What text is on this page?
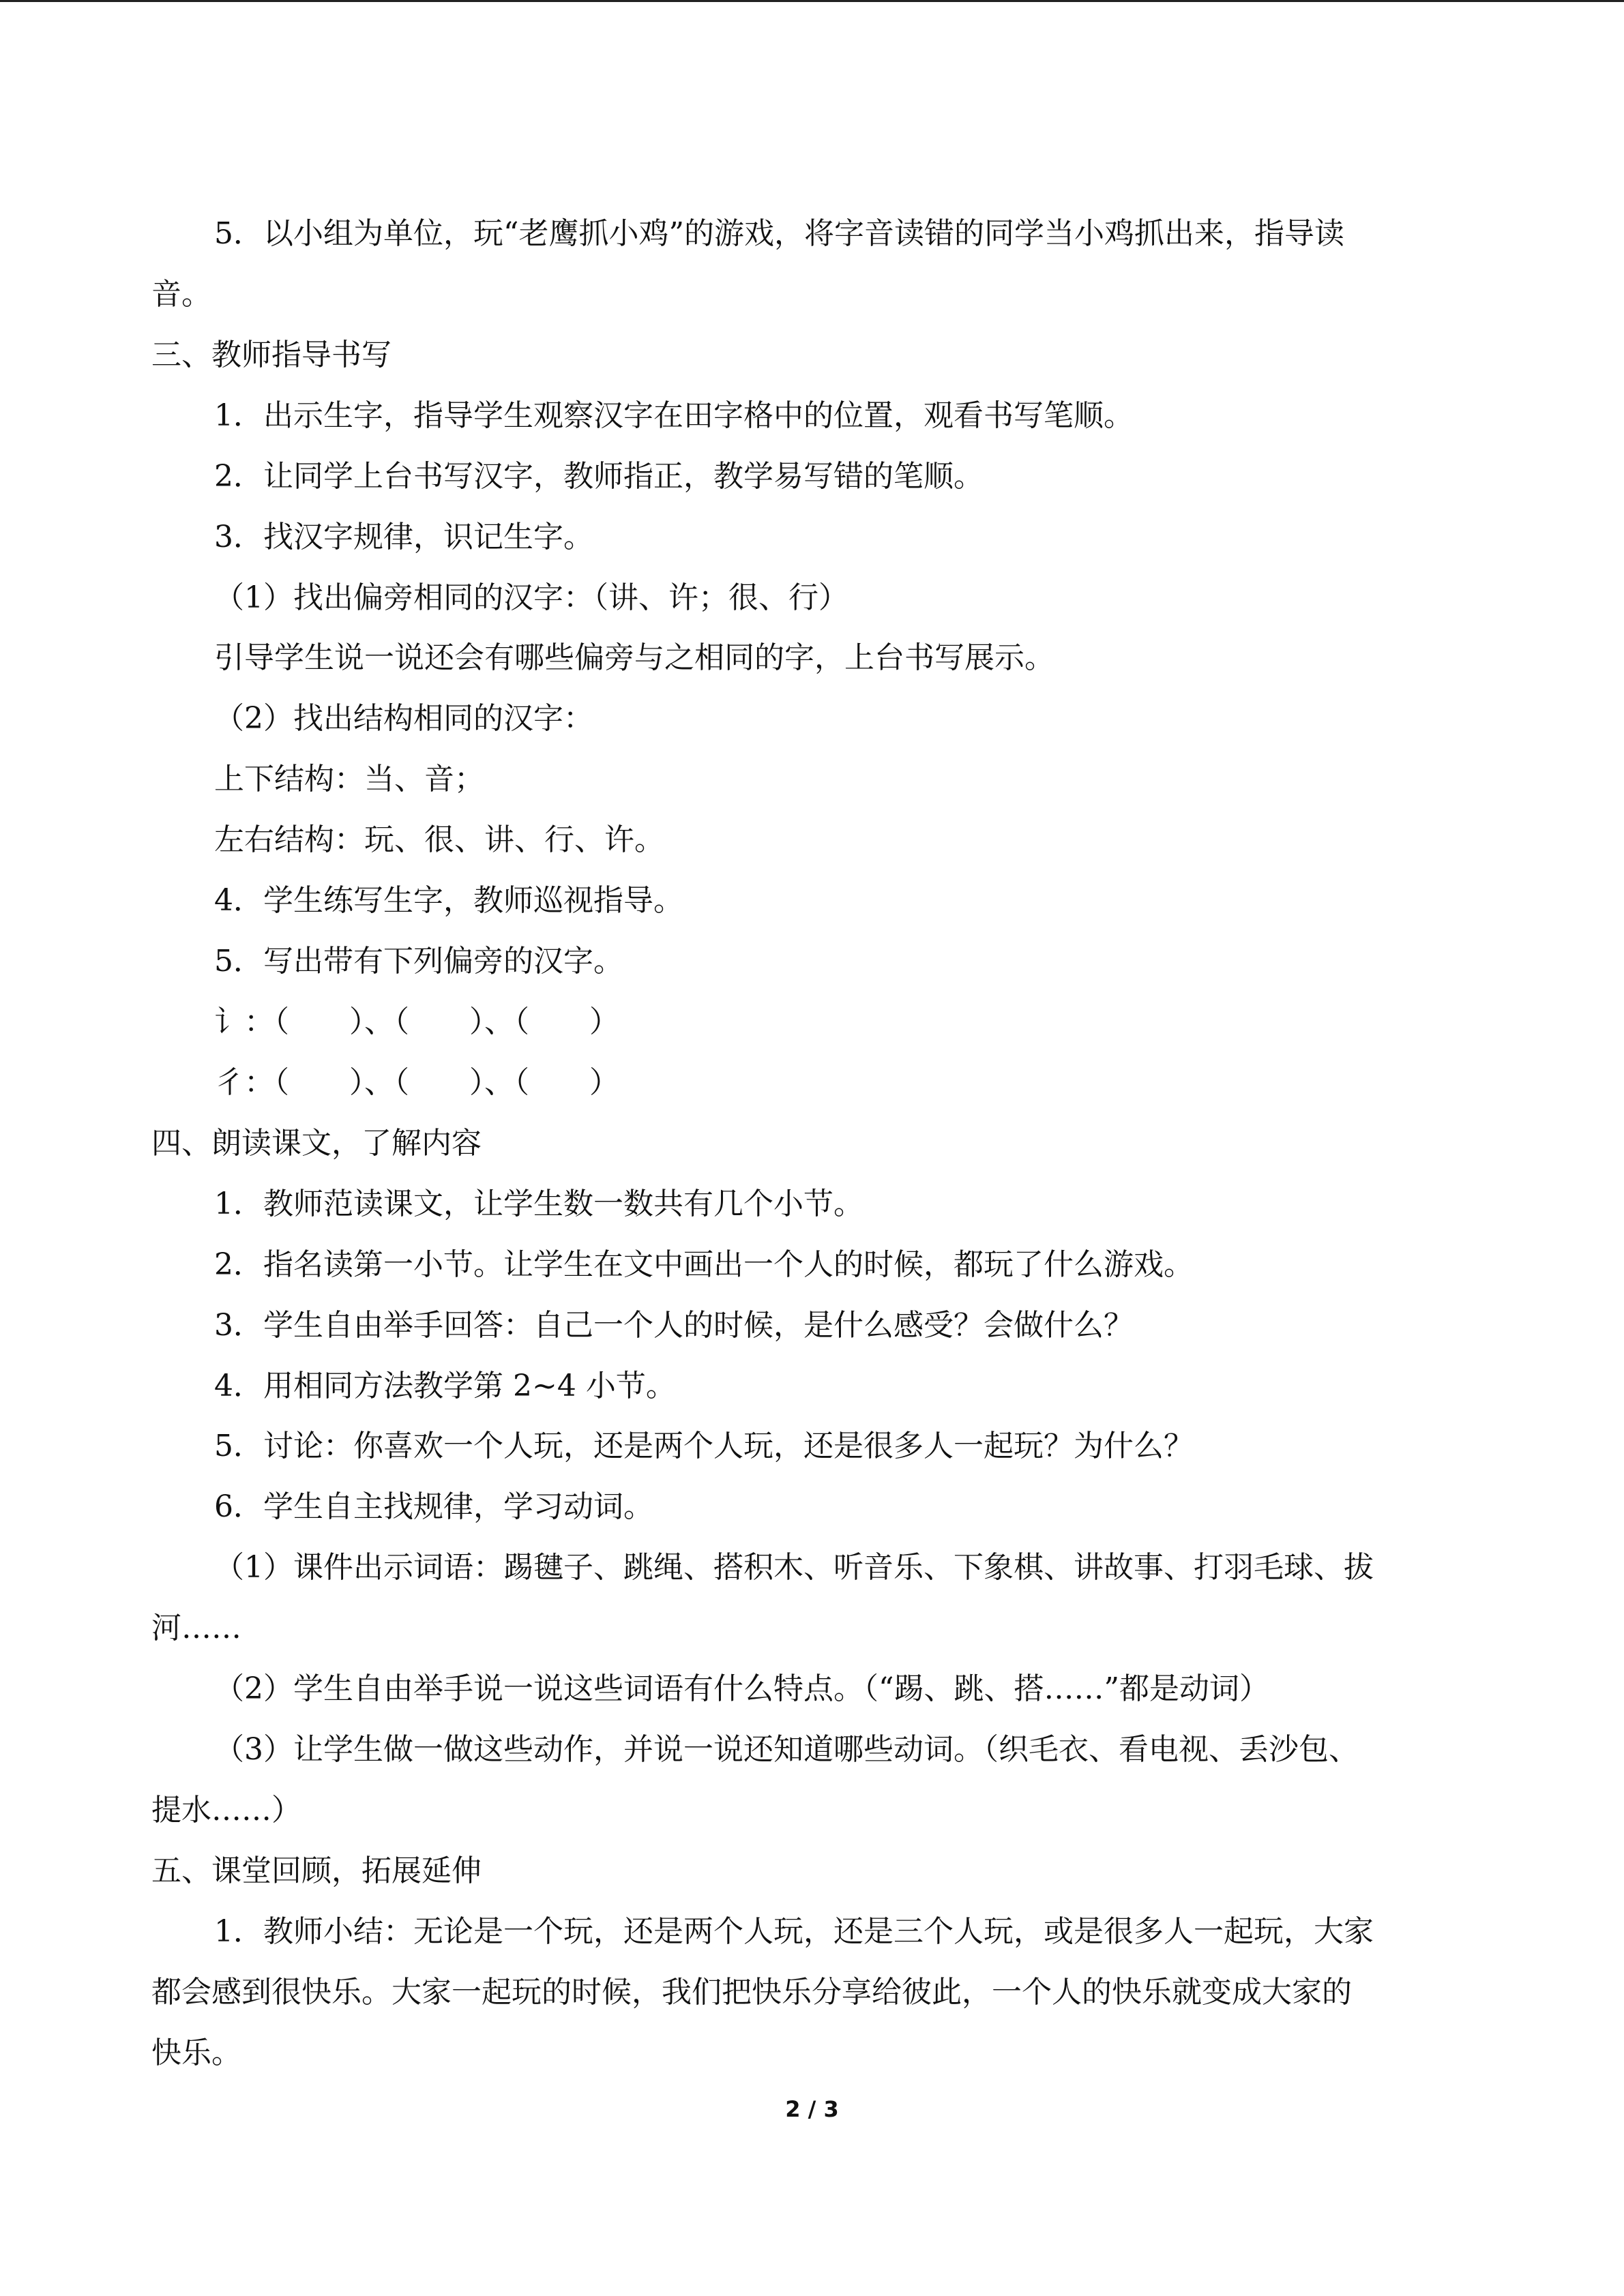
5．以小组为单位，玩“老鹰抓小鸡”的游戏，将字音读错的同学当小鸡抓出来，指导读
音。
三、教师指导书写
1．出示生字，指导学生观察汉字在田字格中的位置，观看书写笔顺。
2．让同学上台书写汉字，教师指正，教学易写错的笔顺。
3．找汉字规律，识记生字。
（1）找出偏旁相同的汉字：（讲、许；很、行）
引导学生说一说还会有哪些偏旁与之相同的字，上台书写展示。
（2）找出结构相同的汉字：
上下结构：当、音；
左右结构：玩、很、讲、行、许。
4．学生练写生字，教师巡视指导。
5．写出带有下列偏旁的汉字。
讠：（　　）、（　　）、（　　）
彳：（　　）、（　　）、（　　）
四、朗读课文，了解内容
1．教师范读课文，让学生数一数共有几个小节。
2．指名读第一小节。让学生在文中画出一个人的时候，都玩了什么游戏。
3．学生自由举手回答：自己一个人的时候，是什么感受？会做什么？
4．用相同方法教学第 2~4 小节。
5．讨论：你喜欢一个人玩，还是两个人玩，还是很多人一起玩？为什么？
6．学生自主找规律，学习动词。
（1）课件出示词语：踢毽子、跳绳、搭积木、听音乐、下象棋、讲故事、打羽毛球、拔
河……
（2）学生自由举手说一说这些词语有什么特点。（“踢、跳、搭……”都是动词）
（3）让学生做一做这些动作，并说一说还知道哪些动词。（织毛衣、看电视、丢沙包、
提水……）
五、课堂回顾，拓展延伸
1．教师小结：无论是一个玩，还是两个人玩，还是三个人玩，或是很多人一起玩，大家
都会感到很快乐。大家一起玩的时候，我们把快乐分享给彼此，一个人的快乐就变成大家的
快乐。
2 / 3
